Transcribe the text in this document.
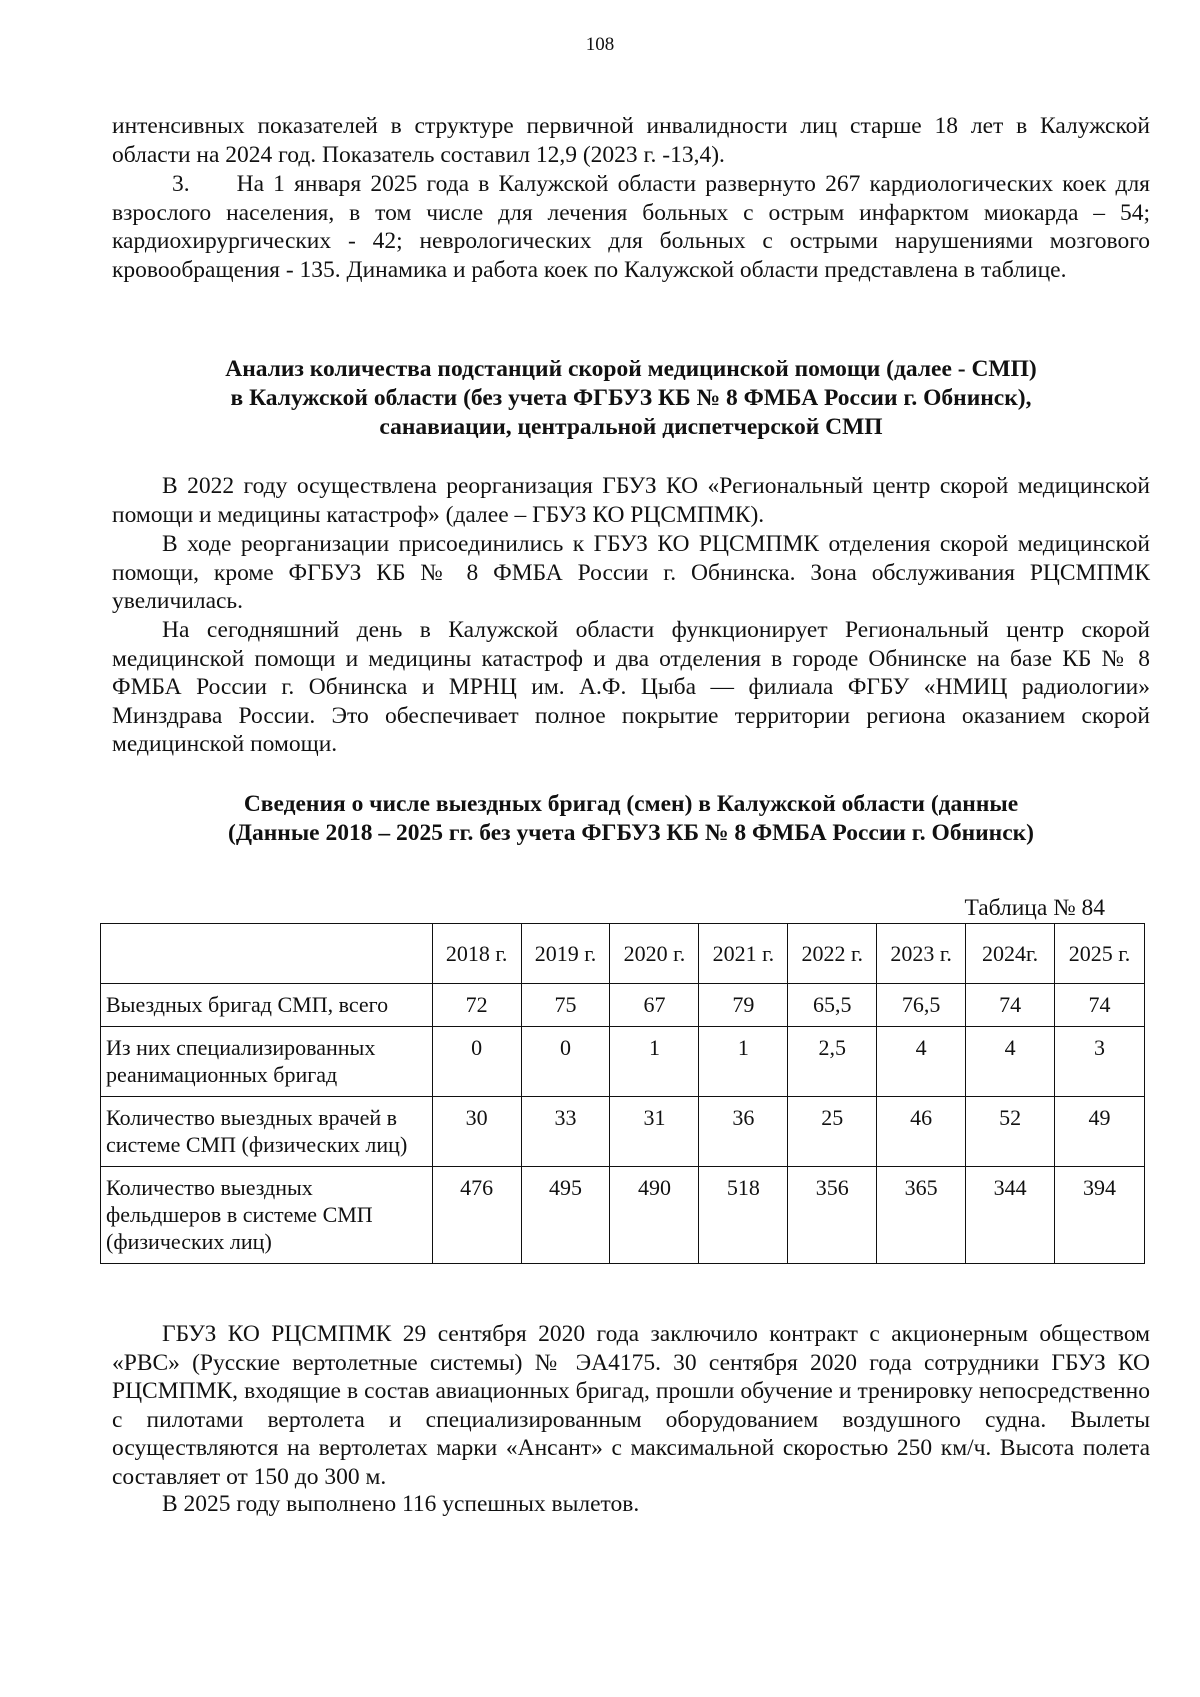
108

интенсивных показателей в структуре первичной инвалидности лиц старше 18 лет в Калужской области на 2024 год. Показатель составил 12,9 (2023 г. -13,4).

3.  На 1 января 2025 года в Калужской области развернуто 267 кардиологических коек для взрослого населения, в том числе для лечения больных с острым инфарктом миокарда – 54; кардиохирургических - 42; неврологических для больных с острыми нарушениями мозгового кровообращения - 135. Динамика и работа коек по Калужской области представлена в таблице.

Анализ количества подстанций скорой медицинской помощи (далее - СМП)
в Калужской области (без учета ФГБУЗ КБ № 8 ФМБА России г. Обнинск),
санавиации, центральной диспетчерской СМП

В 2022 году осуществлена реорганизация ГБУЗ КО «Региональный центр скорой медицинской помощи и медицины катастроф» (далее – ГБУЗ КО РЦСМПМК).

В ходе реорганизации присоединились к ГБУЗ КО РЦСМПМК отделения скорой медицинской помощи, кроме ФГБУЗ КБ № 8 ФМБА России г. Обнинска. Зона обслуживания РЦСМПМК увеличилась.

На сегодняшний день в Калужской области функционирует Региональный центр скорой медицинской помощи и медицины катастроф и два отделения в городе Обнинске на базе КБ № 8 ФМБА России г. Обнинска и МРНЦ им. А.Ф. Цыба — филиала ФГБУ «НМИЦ радиологии» Минздрава России. Это обеспечивает полное покрытие территории региона оказанием скорой медицинской помощи.

Сведения о числе выездных бригад (смен) в Калужской области (данные
(Данные 2018 – 2025 гг. без учета ФГБУЗ КБ № 8 ФМБА России г. Обнинск)
Таблица № 84
	2018 г.	2019 г.	2020 г.	2021 г.	2022 г.	2023 г.	2024г.	2025 г.
Выездных бригад СМП, всего	72	75	67	79	65,5	76,5	74	74
Из них специализированных реанимационных бригад	0	0	1	1	2,5	4	4	3
Количество выездных врачей в системе СМП (физических лиц)	30	33	31	36	25	46	52	49
Количество выездных фельдшеров в системе СМП (физических лиц)	476	495	490	518	356	365	344	394

ГБУЗ КО РЦСМПМК 29 сентября 2020 года заключило контракт с акционерным обществом «РВС» (Русские вертолетные системы) № ЭА4175. 30 сентября 2020 года сотрудники ГБУЗ КО РЦСМПМК, входящие в состав авиационных бригад, прошли обучение и тренировку непосредственно с пилотами вертолета и специализированным оборудованием воздушного судна. Вылеты осуществляются на вертолетах марки «Ансант» с максимальной скоростью 250 км/ч. Высота полета составляет от 150 до 300 м.

В 2025 году выполнено 116 успешных вылетов.
